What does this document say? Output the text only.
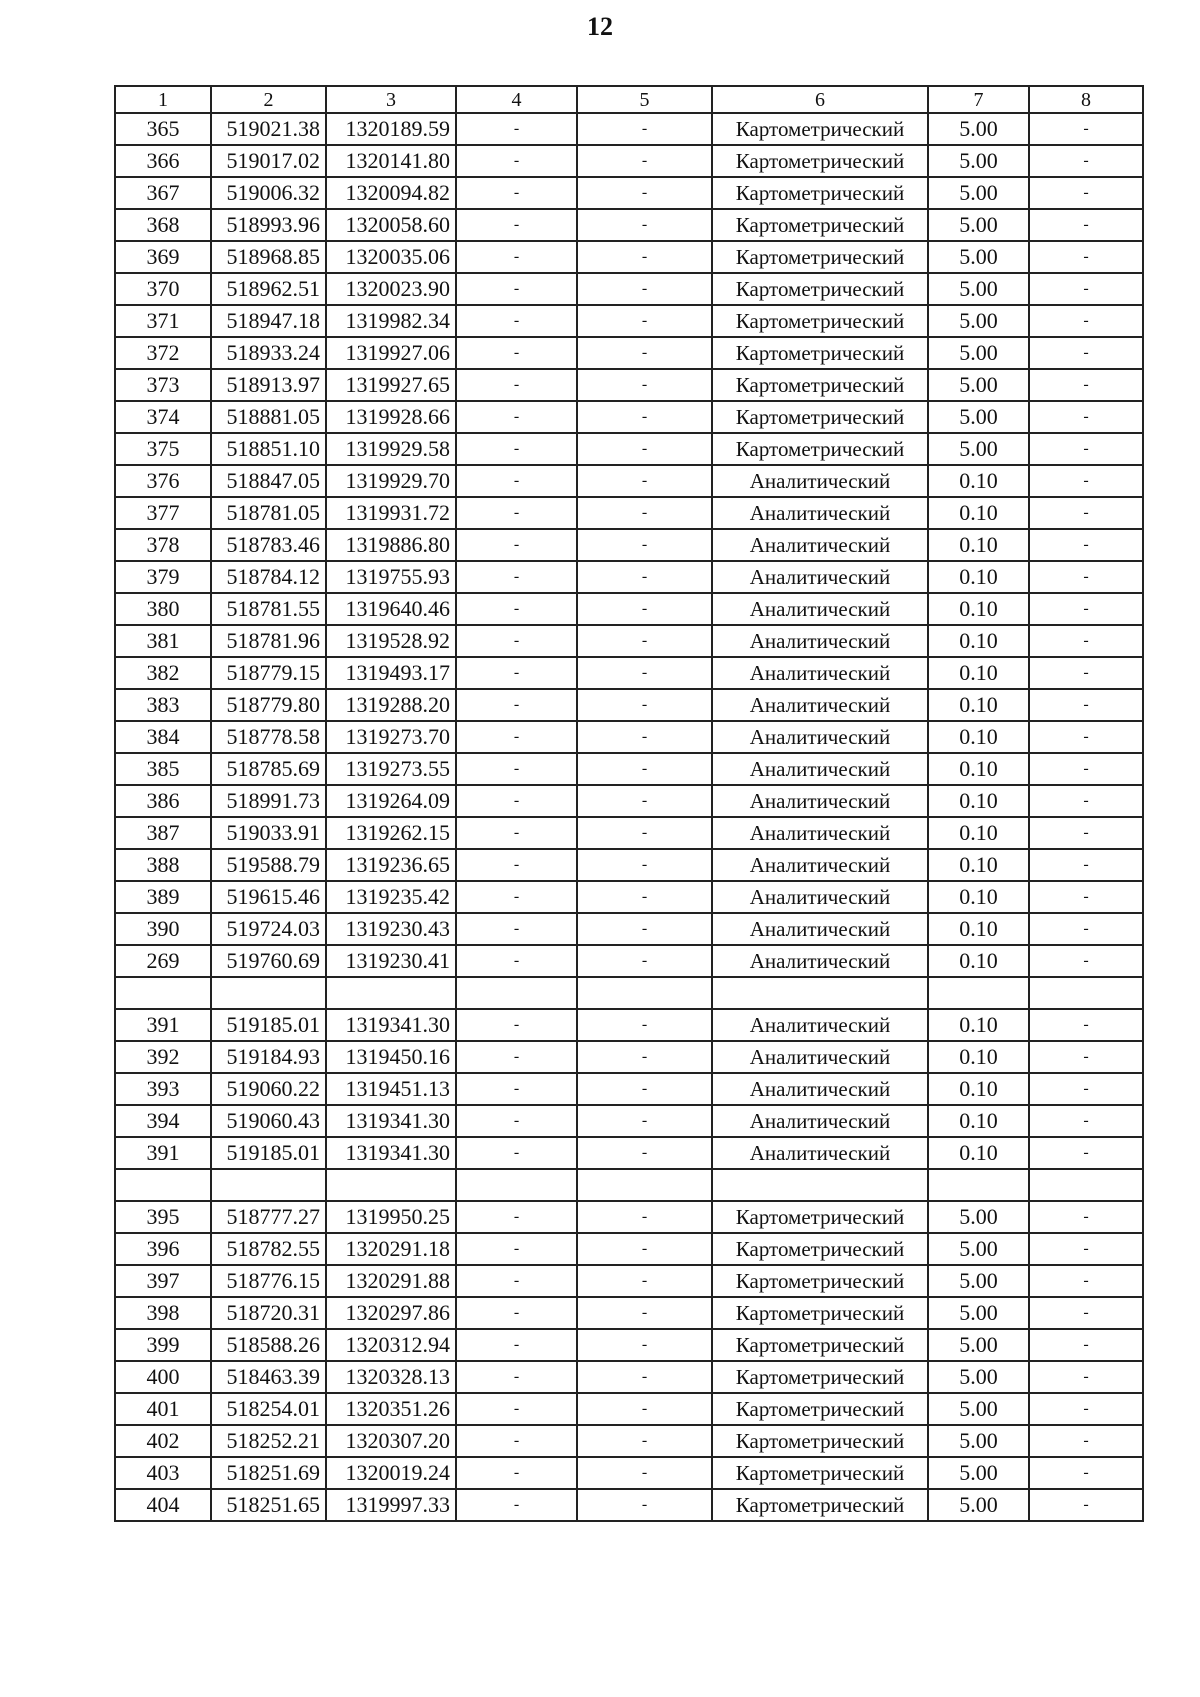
12
1	2	3	4	5	6	7	8
365	519021.38	1320189.59	-	-	Картометрический	5.00	-
366	519017.02	1320141.80	-	-	Картометрический	5.00	-
367	519006.32	1320094.82	-	-	Картометрический	5.00	-
368	518993.96	1320058.60	-	-	Картометрический	5.00	-
369	518968.85	1320035.06	-	-	Картометрический	5.00	-
370	518962.51	1320023.90	-	-	Картометрический	5.00	-
371	518947.18	1319982.34	-	-	Картометрический	5.00	-
372	518933.24	1319927.06	-	-	Картометрический	5.00	-
373	518913.97	1319927.65	-	-	Картометрический	5.00	-
374	518881.05	1319928.66	-	-	Картометрический	5.00	-
375	518851.10	1319929.58	-	-	Картометрический	5.00	-
376	518847.05	1319929.70	-	-	Аналитический	0.10	-
377	518781.05	1319931.72	-	-	Аналитический	0.10	-
378	518783.46	1319886.80	-	-	Аналитический	0.10	-
379	518784.12	1319755.93	-	-	Аналитический	0.10	-
380	518781.55	1319640.46	-	-	Аналитический	0.10	-
381	518781.96	1319528.92	-	-	Аналитический	0.10	-
382	518779.15	1319493.17	-	-	Аналитический	0.10	-
383	518779.80	1319288.20	-	-	Аналитический	0.10	-
384	518778.58	1319273.70	-	-	Аналитический	0.10	-
385	518785.69	1319273.55	-	-	Аналитический	0.10	-
386	518991.73	1319264.09	-	-	Аналитический	0.10	-
387	519033.91	1319262.15	-	-	Аналитический	0.10	-
388	519588.79	1319236.65	-	-	Аналитический	0.10	-
389	519615.46	1319235.42	-	-	Аналитический	0.10	-
390	519724.03	1319230.43	-	-	Аналитический	0.10	-
269	519760.69	1319230.41	-	-	Аналитический	0.10	-

391	519185.01	1319341.30	-	-	Аналитический	0.10	-
392	519184.93	1319450.16	-	-	Аналитический	0.10	-
393	519060.22	1319451.13	-	-	Аналитический	0.10	-
394	519060.43	1319341.30	-	-	Аналитический	0.10	-
391	519185.01	1319341.30	-	-	Аналитический	0.10	-

395	518777.27	1319950.25	-	-	Картометрический	5.00	-
396	518782.55	1320291.18	-	-	Картометрический	5.00	-
397	518776.15	1320291.88	-	-	Картометрический	5.00	-
398	518720.31	1320297.86	-	-	Картометрический	5.00	-
399	518588.26	1320312.94	-	-	Картометрический	5.00	-
400	518463.39	1320328.13	-	-	Картометрический	5.00	-
401	518254.01	1320351.26	-	-	Картометрический	5.00	-
402	518252.21	1320307.20	-	-	Картометрический	5.00	-
403	518251.69	1320019.24	-	-	Картометрический	5.00	-
404	518251.65	1319997.33	-	-	Картометрический	5.00	-
